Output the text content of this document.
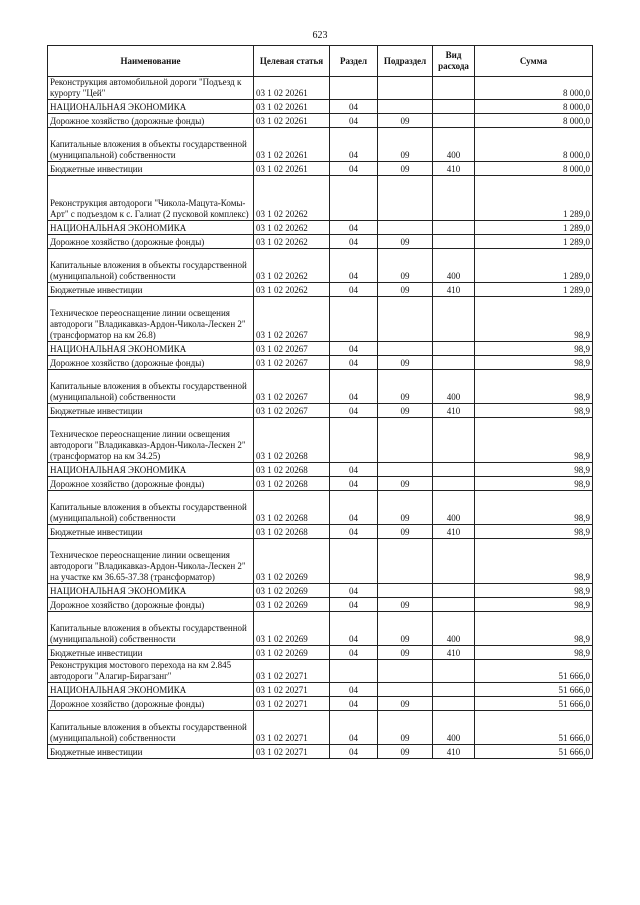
623
Наименование	Целевая статья	Раздел	Подраздел	Вид расхода	Сумма
Реконструкция автомобильной дороги "Подъезд к курорту "Цей"	03 1 02 20261				8 000,0
НАЦИОНАЛЬНАЯ ЭКОНОМИКА	03 1 02 20261	04			8 000,0
Дорожное хозяйство (дорожные фонды)	03 1 02 20261	04	09		8 000,0
Капитальные вложения в объекты государственной (муниципальной) собственности	03 1 02 20261	04	09	400	8 000,0
Бюджетные инвестиции	03 1 02 20261	04	09	410	8 000,0
Реконструкция автодороги "Чикола-Мацута-Комы-Арт" с подъездом к с. Галиат (2 пусковой комплекс)	03 1 02 20262				1 289,0
НАЦИОНАЛЬНАЯ ЭКОНОМИКА	03 1 02 20262	04			1 289,0
Дорожное хозяйство (дорожные фонды)	03 1 02 20262	04	09		1 289,0
Капитальные вложения в объекты государственной (муниципальной) собственности	03 1 02 20262	04	09	400	1 289,0
Бюджетные инвестиции	03 1 02 20262	04	09	410	1 289,0
Техническое переоснащение линии освещения автодороги "Владикавказ-Ардон-Чикола-Лескен 2" (трансформатор на км 26.8)	03 1 02 20267				98,9
НАЦИОНАЛЬНАЯ ЭКОНОМИКА	03 1 02 20267	04			98,9
Дорожное хозяйство (дорожные фонды)	03 1 02 20267	04	09		98,9
Капитальные вложения в объекты государственной (муниципальной) собственности	03 1 02 20267	04	09	400	98,9
Бюджетные инвестиции	03 1 02 20267	04	09	410	98,9
Техническое переоснащение линии освещения автодороги "Владикавказ-Ардон-Чикола-Лескен 2" (трансформатор на км 34.25)	03 1 02 20268				98,9
НАЦИОНАЛЬНАЯ ЭКОНОМИКА	03 1 02 20268	04			98,9
Дорожное хозяйство (дорожные фонды)	03 1 02 20268	04	09		98,9
Капитальные вложения в объекты государственной (муниципальной) собственности	03 1 02 20268	04	09	400	98,9
Бюджетные инвестиции	03 1 02 20268	04	09	410	98,9
Техническое переоснащение линии освещения автодороги "Владикавказ-Ардон-Чикола-Лескен 2" на участке км 36.65-37.38 (трансформатор)	03 1 02 20269				98,9
НАЦИОНАЛЬНАЯ ЭКОНОМИКА	03 1 02 20269	04			98,9
Дорожное хозяйство (дорожные фонды)	03 1 02 20269	04	09		98,9
Капитальные вложения в объекты государственной (муниципальной) собственности	03 1 02 20269	04	09	400	98,9
Бюджетные инвестиции	03 1 02 20269	04	09	410	98,9
Реконструкция мостового перехода на км 2.845 автодороги "Алагир-Бирагзанг"	03 1 02 20271				51 666,0
НАЦИОНАЛЬНАЯ ЭКОНОМИКА	03 1 02 20271	04			51 666,0
Дорожное хозяйство (дорожные фонды)	03 1 02 20271	04	09		51 666,0
Капитальные вложения в объекты государственной (муниципальной) собственности	03 1 02 20271	04	09	400	51 666,0
Бюджетные инвестиции	03 1 02 20271	04	09	410	51 666,0
